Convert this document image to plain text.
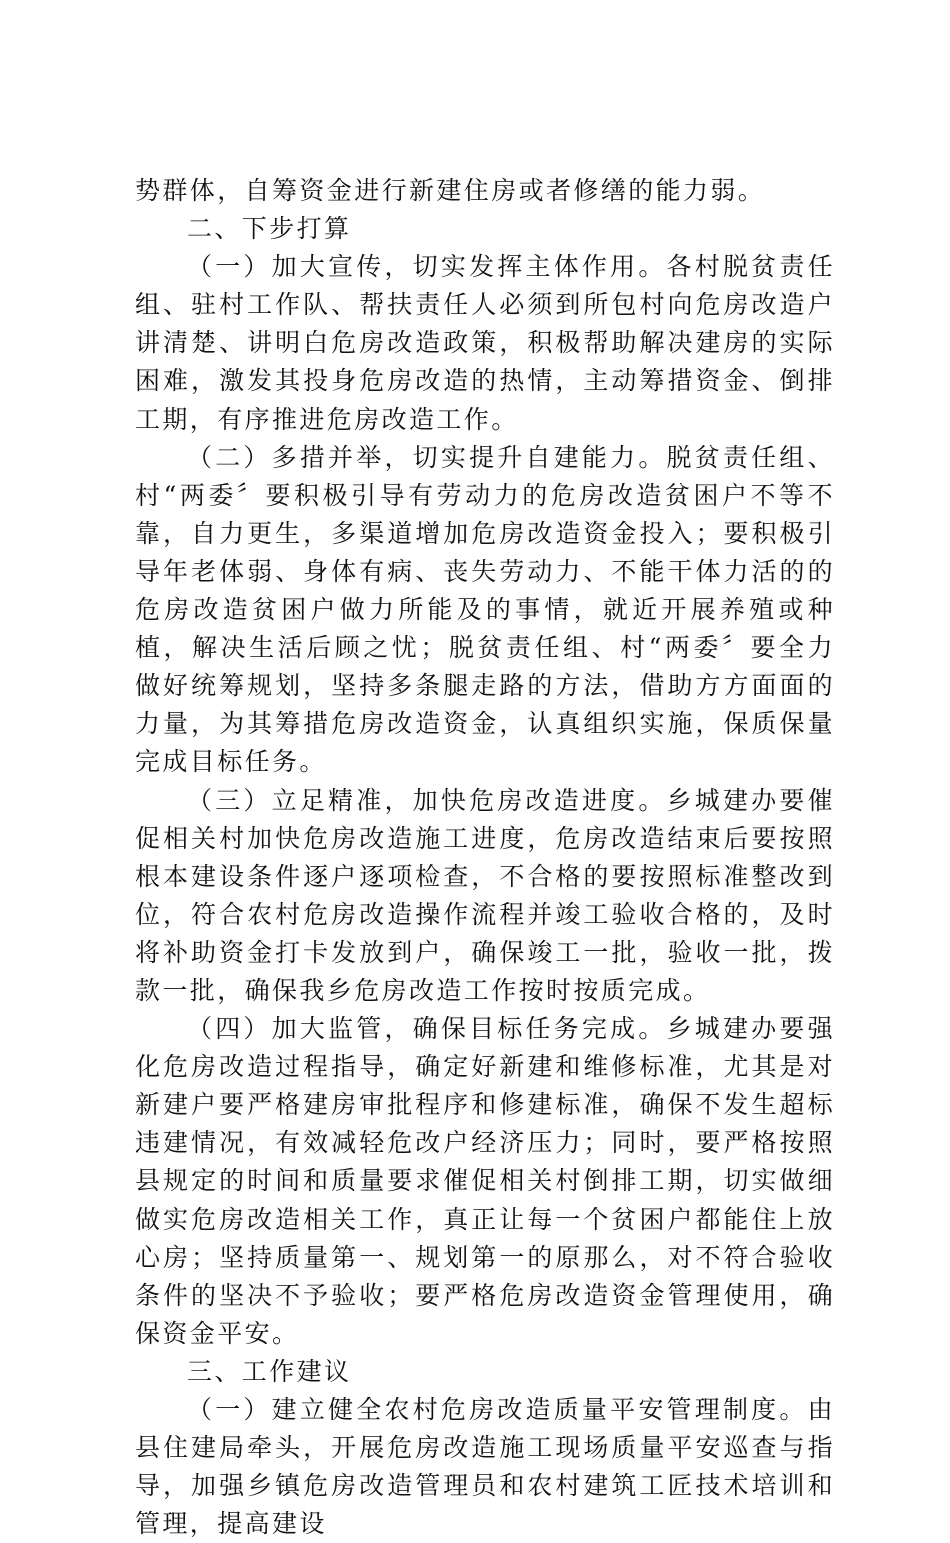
势群体，自筹资金进行新建住房或者修缮的能力弱。

二、下步打算

（一）加大宣传，切实发挥主体作用。各村脱贫责任组、驻村工作队、帮扶责任人必须到所包村向危房改造户讲清楚、讲明白危房改造政策，积极帮助解决建房的实际困难，激发其投身危房改造的热情，主动筹措资金、倒排工期，有序推进危房改造工作。

（二）多措并举，切实提升自建能力。脱贫责任组、村“两委〞要积极引导有劳动力的危房改造贫困户不等不靠，自力更生，多渠道增加危房改造资金投入；要积极引导年老体弱、身体有病、丧失劳动力、不能干体力活的的危房改造贫困户做力所能及的事情，就近开展养殖或种植，解决生活后顾之忧；脱贫责任组、村“两委〞要全力做好统筹规划，坚持多条腿走路的方法，借助方方面面的力量，为其筹措危房改造资金，认真组织实施，保质保量完成目标任务。

（三）立足精准，加快危房改造进度。乡城建办要催促相关村加快危房改造施工进度，危房改造结束后要按照根本建设条件逐户逐项检查，不合格的要按照标准整改到位，符合农村危房改造操作流程并竣工验收合格的，及时将补助资金打卡发放到户，确保竣工一批，验收一批，拨款一批，确保我乡危房改造工作按时按质完成。

（四）加大监管，确保目标任务完成。乡城建办要强化危房改造过程指导，确定好新建和维修标准，尤其是对新建户要严格建房审批程序和修建标准，确保不发生超标违建情况，有效减轻危改户经济压力；同时，要严格按照县规定的时间和质量要求催促相关村倒排工期，切实做细做实危房改造相关工作，真正让每一个贫困户都能住上放心房；坚持质量第一、规划第一的原那么，对不符合验收条件的坚决不予验收；要严格危房改造资金管理使用，确保资金平安。

三、工作建议

（一）建立健全农村危房改造质量平安管理制度。由县住建局牵头，开展危房改造施工现场质量平安巡查与指导，加强乡镇危房改造管理员和农村建筑工匠技术培训和管理，提高建设
